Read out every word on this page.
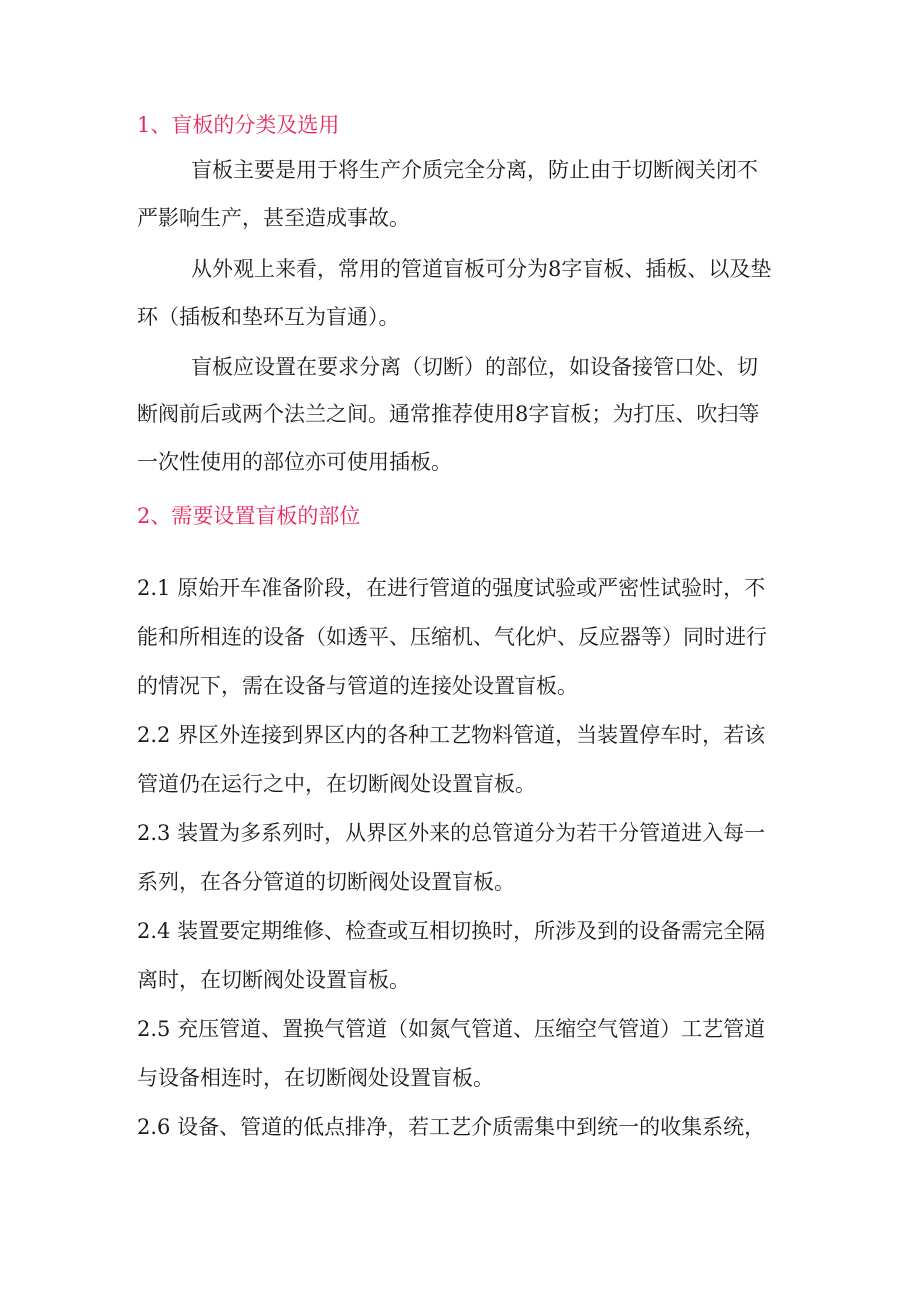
1、盲板的分类及选用

盲板主要是用于将生产介质完全分离，防止由于切断阀关闭不

严影响生产，甚至造成事故。

从外观上来看，常用的管道盲板可分为8字盲板、插板、以及垫

环（插板和垫环互为盲通）。

盲板应设置在要求分离（切断）的部位，如设备接管口处、切

断阀前后或两个法兰之间。通常推荐使用8字盲板；为打压、吹扫等

一次性使用的部位亦可使用插板。

2、需要设置盲板的部位

2.1 原始开车准备阶段，在进行管道的强度试验或严密性试验时，不

能和所相连的设备（如透平、压缩机、气化炉、反应器等）同时进行

的情况下，需在设备与管道的连接处设置盲板。

2.2 界区外连接到界区内的各种工艺物料管道，当装置停车时，若该

管道仍在运行之中，在切断阀处设置盲板。

2.3 装置为多系列时，从界区外来的总管道分为若干分管道进入每一

系列，在各分管道的切断阀处设置盲板。

2.4 装置要定期维修、检查或互相切换时，所涉及到的设备需完全隔

离时，在切断阀处设置盲板。

2.5 充压管道、置换气管道（如氮气管道、压缩空气管道）工艺管道

与设备相连时，在切断阀处设置盲板。

2.6 设备、管道的低点排净，若工艺介质需集中到统一的收集系统，
